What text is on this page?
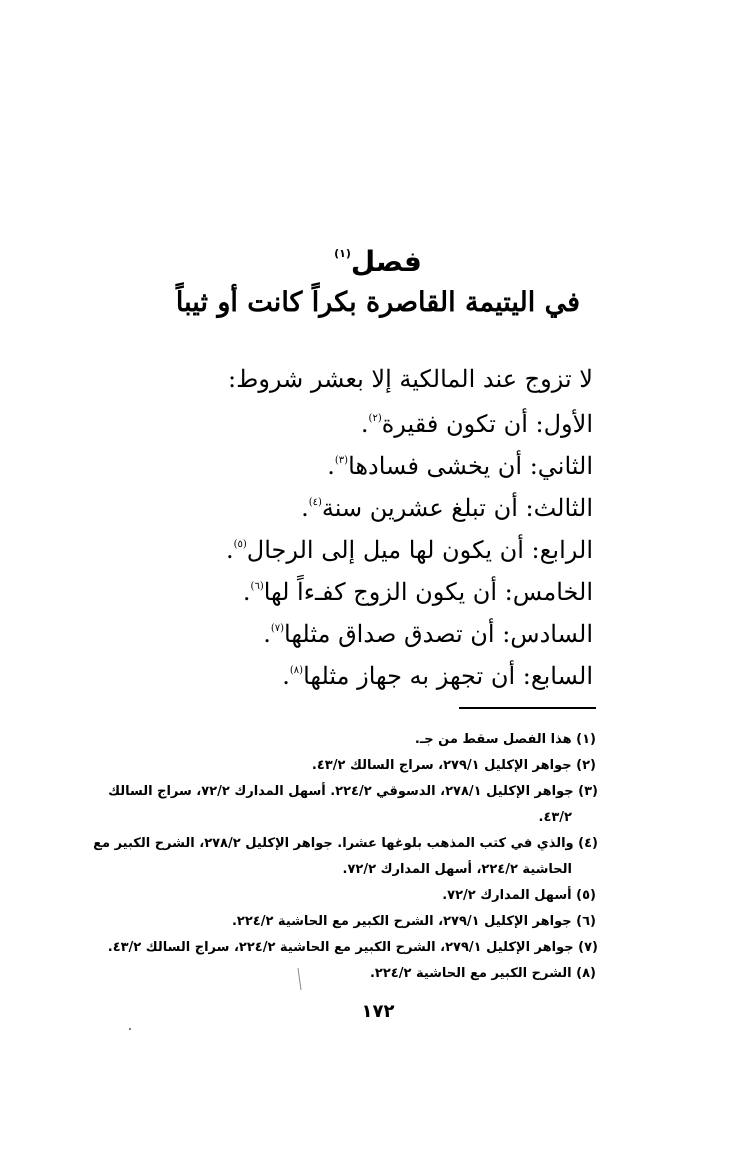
فصل$^{(١)}$
في اليتيمة القاصرة بكراً كانت أو ثيباً
لا تزوج عند المالكية إلا بعشر شروط:
الأول: أن تكون فقيرة$^{(٢)}$.
الثاني: أن يخشى فسادها$^{(٣)}$.
الثالث: أن تبلغ عشرين سنة$^{(٤)}$.
الرابع: أن يكون لها ميل إلى الرجال$^{(٥)}$.
الخامس: أن يكون الزوج كفـءاً لها$^{(٦)}$.
السادس: أن تصدق صداق مثلها$^{(٧)}$.
السابع: أن تجهز به جهاز مثلها$^{(٨)}$.
(١) هذا الفصل سقط من جـ.
(٢) جواهر الإكليل ٢٧٩/١، سراج السالك ٤٣/٢.
(٣) جواهر الإكليل ٢٧٨/١، الدسوقي ٢٢٤/٢. أسهل المدارك ٧٢/٢، سراج السالك
٤٣/٢.
(٤) والذي في كتب المذهب بلوغها عشرا. جواهر الإكليل ٢٧٨/٢، الشرح الكبير مع
الحاشية ٢٢٤/٢، أسهل المدارك ٧٢/٢.
(٥) أسهل المدارك ٧٢/٢.
(٦) جواهر الإكليل ٢٧٩/١، الشرح الكبير مع الحاشية ٢٢٤/٢.
(٧) جواهر الإكليل ٢٧٩/١، الشرح الكبير مع الحاشية ٢٢٤/٢، سراج السالك ٤٣/٢.
(٨) الشرح الكبير مع الحاشية ٢٢٤/٢.
١٧٢
